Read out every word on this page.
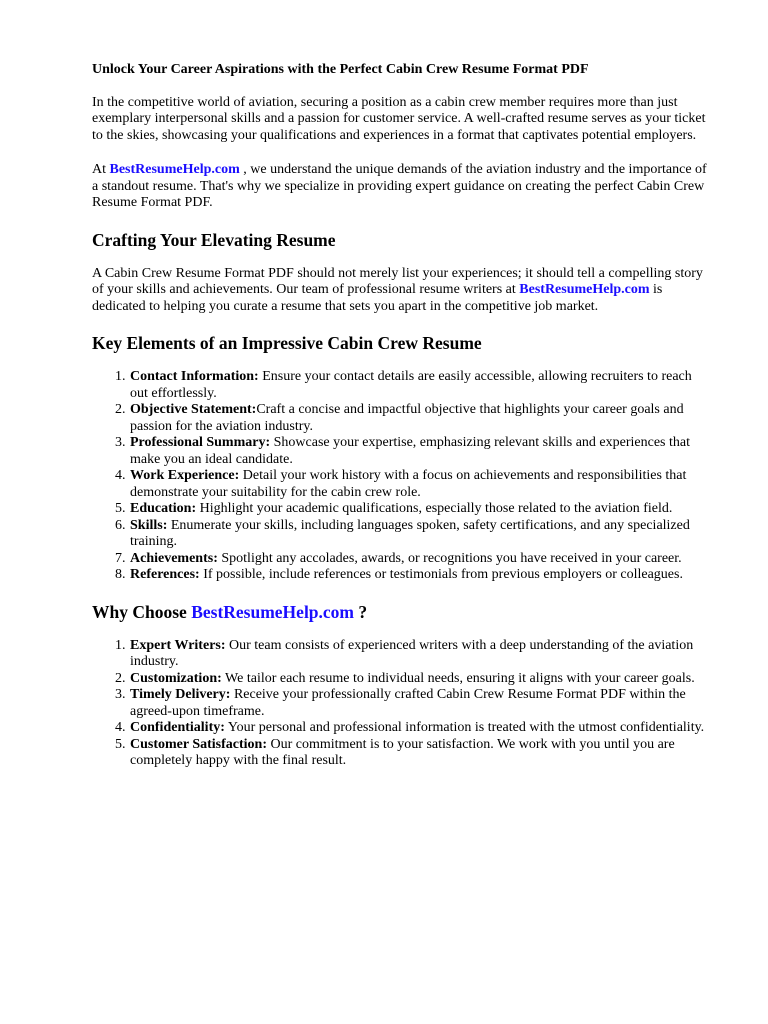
Unlock Your Career Aspirations with the Perfect Cabin Crew Resume Format PDF

In the competitive world of aviation, securing a position as a cabin crew member requires more than just exemplary interpersonal skills and a passion for customer service. A well-crafted resume serves as your ticket to the skies, showcasing your qualifications and experiences in a format that captivates potential employers.

At BestResumeHelp.com , we understand the unique demands of the aviation industry and the importance of a standout resume. That's why we specialize in providing expert guidance on creating the perfect Cabin Crew Resume Format PDF.

Crafting Your Elevating Resume

A Cabin Crew Resume Format PDF should not merely list your experiences; it should tell a compelling story of your skills and achievements. Our team of professional resume writers at BestResumeHelp.com is dedicated to helping you curate a resume that sets you apart in the competitive job market.

Key Elements of an Impressive Cabin Crew Resume
1. Contact Information: Ensure your contact details are easily accessible, allowing recruiters to reach out effortlessly.
2. Objective Statement:Craft a concise and impactful objective that highlights your career goals and passion for the aviation industry.
3. Professional Summary: Showcase your expertise, emphasizing relevant skills and experiences that make you an ideal candidate.
4. Work Experience: Detail your work history with a focus on achievements and responsibilities that demonstrate your suitability for the cabin crew role.
5. Education: Highlight your academic qualifications, especially those related to the aviation field.
6. Skills: Enumerate your skills, including languages spoken, safety certifications, and any specialized training.
7. Achievements: Spotlight any accolades, awards, or recognitions you have received in your career.
8. References: If possible, include references or testimonials from previous employers or colleagues.
Why Choose BestResumeHelp.com ?
1. Expert Writers: Our team consists of experienced writers with a deep understanding of the aviation industry.
2. Customization: We tailor each resume to individual needs, ensuring it aligns with your career goals.
3. Timely Delivery: Receive your professionally crafted Cabin Crew Resume Format PDF within the agreed-upon timeframe.
4. Confidentiality: Your personal and professional information is treated with the utmost confidentiality.
5. Customer Satisfaction: Our commitment is to your satisfaction. We work with you until you are completely happy with the final result.
